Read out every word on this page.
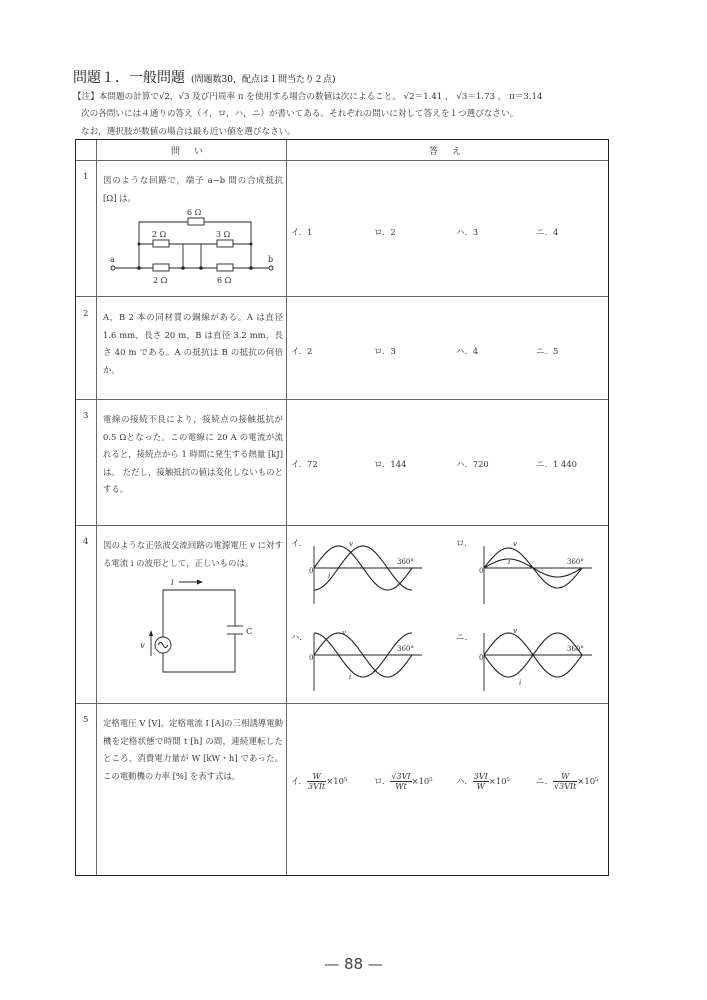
問題１．一般問題 (問題数30，配点は１問当たり２点)
【注】本問題の計算で√2，√3 及び円周率 π を使用する場合の数値は次によること。 √2＝1.41 ， √3＝1.73 ， π＝3.14
次の各問いには４通りの答え（イ，ロ，ハ，ニ）が書いてある。それぞれの問いに対して答えを１つ選びなさい。
なお，選択肢が数値の場合は最も近い値を選びなさい。
問い	答え
1 図のような回路で，端子 a−b 間の合成抵抗 [Ω] は。
6 Ω
2 Ω	3 Ω
2 Ω	6 Ω
a	b
イ．1	ロ．2	ハ．3	ニ．4
2 A，B 2 本の同材質の銅線がある。A は直径 1.6 mm，長さ 20 m，B は直径 3.2 mm，長さ 40 m である。A の抵抗は B の抵抗の何倍か。
イ．2	ロ．3	ハ．4	ニ．5
3 電線の接続不良により，接続点の接触抵抗が 0.5 Ωとなった。この電線に 20 A の電流が流れると，接続点から 1 時間に発生する熱量 [kJ] は。 ただし，接触抵抗の値は変化しないものとする。
イ．72	ロ．144	ハ．720	ニ．1 440
4 図のような正弦波交流回路の電源電圧 v に対する電流 i の波形として，正しいものは。
i
v
C
イ．
0
360°
v
i
ロ．
0
360°
v
i
ハ．
0
360°
v
i
ニ．
0
360°
v
i
5 定格電圧 V [V]，定格電流 I [A]の三相誘導電動機を定格状態で時間 t [h] の間，連続運転したところ，消費電力量が W [kW・h] であった。この電動機の力率 [%] を表す式は。
イ． $\frac{W}{\text{3VIt}} \times 10^5$	ロ． $\frac{√3VI}{Wt} \times 10^5$	ハ． $\frac{3VI}{W} \times 10^5$	ニ． $\frac{W}{\text{√3VIt}} \times 10^5$
— 88 —
